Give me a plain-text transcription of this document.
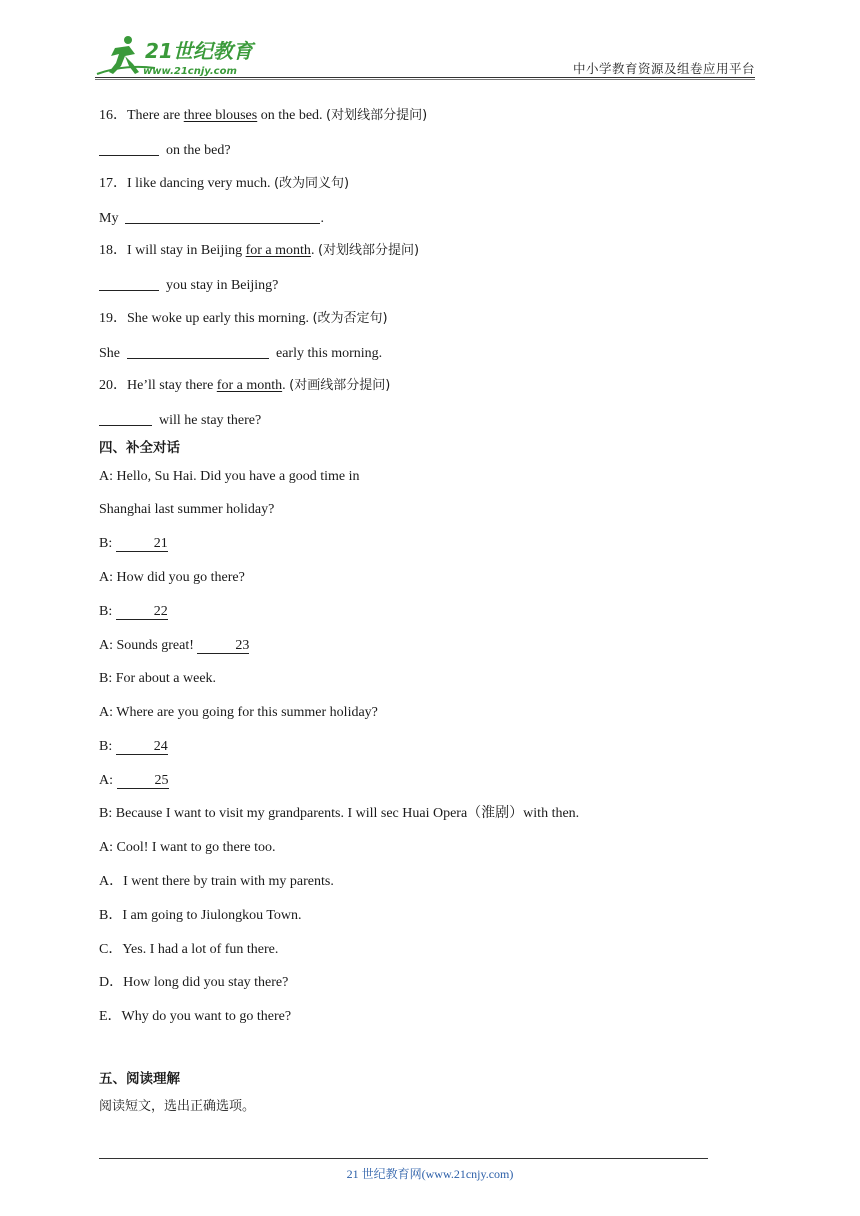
21世纪教育
www.21cnjy.com	中小学教育资源及组卷应用平台
16．There are three blouses on the bed. (对划线部分提问)
on the bed?
17．I like dancing very much. (改为同义句)
My	.
18．I will stay in Beijing for a month. (对划线部分提问)
you stay in Beijing?
19．She woke up early this morning. (改为否定句)
She	early this morning.
20．He’ll stay there for a month. (对画线部分提问)
will he stay there?
四、补全对话
A: Hello, Su Hai. Did you have a good time in
Shanghai last summer holiday?
B:	21
A: How did you go there?
B:	22
A: Sounds great!	23
B: For about a week.
A: Where are you going for this summer holiday?
B:	24
A:	25
B: Because I want to visit my grandparents. I will sec Huai Opera（淮剧）with then.
A: Cool! I want to go there too.
A．I went there by train with my parents.
B．I am going to Jiulongkou Town.
C．Yes. I had a lot of fun there.
D．How long did you stay there?
E．Why do you want to go there?
五、阅读理解
阅读短文，选出正确选项。
21 世纪教育网(www.21cnjy.com)
